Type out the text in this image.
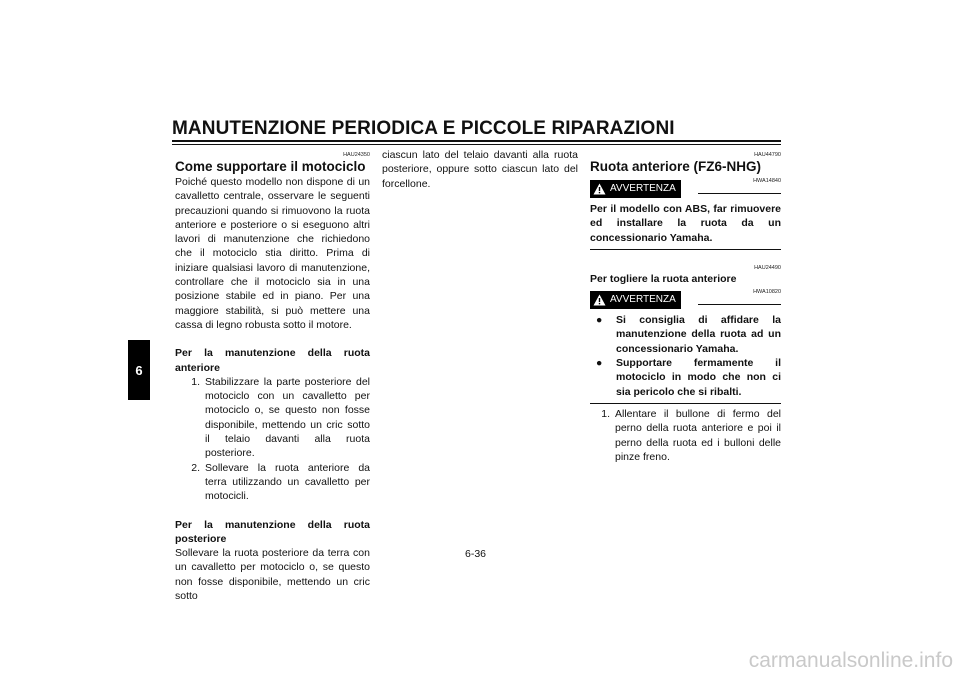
MANUTENZIONE PERIODICA E PICCOLE RIPARAZIONI
6
HAU24350
Come supportare il motociclo

Poiché questo modello non dispone di un cavalletto centrale, osservare le seguenti precauzioni quando si rimuovono la ruota anteriore e posteriore o si eseguono altri lavori di manutenzione che richiedono che il motociclo stia diritto. Prima di iniziare qualsiasi lavoro di manutenzione, controllare che il motociclo sia in una posizione stabile ed in piano. Per una maggiore stabilità, si può mettere una cassa di legno robusta sotto il motore.

Per la manutenzione della ruota anteriore

1. Stabilizzare la parte posteriore del motociclo con un cavalletto per motociclo o, se questo non fosse disponibile, mettendo un cric sotto il telaio davanti alla ruota posteriore.
2. Sollevare la ruota anteriore da terra utilizzando un cavalletto per motocicli.

Per la manutenzione della ruota posteriore

Sollevare la ruota posteriore da terra con un cavalletto per motociclo o, se questo non fosse disponibile, mettendo un cric sotto

ciascun lato del telaio davanti alla ruota posteriore, oppure sotto ciascun lato del forcellone.

HAU44790
Ruota anteriore (FZ6-NHG)
AVVERTENZA
HWA14840

Per il modello con ABS, far rimuovere ed installare la ruota da un concessionario Yamaha.

HAU24490

Per togliere la ruota anteriore

AVVERTENZA
HWA10820
●	Si consiglia di affidare la manutenzione della ruota ad un concessionario Yamaha.
●	Supportare fermamente il motociclo in modo che non ci sia pericolo che si ribalti.
1. Allentare il bullone di fermo del perno della ruota anteriore e poi il perno della ruota ed i bulloni delle pinze freno.
6-36
carmanualsonline.info
